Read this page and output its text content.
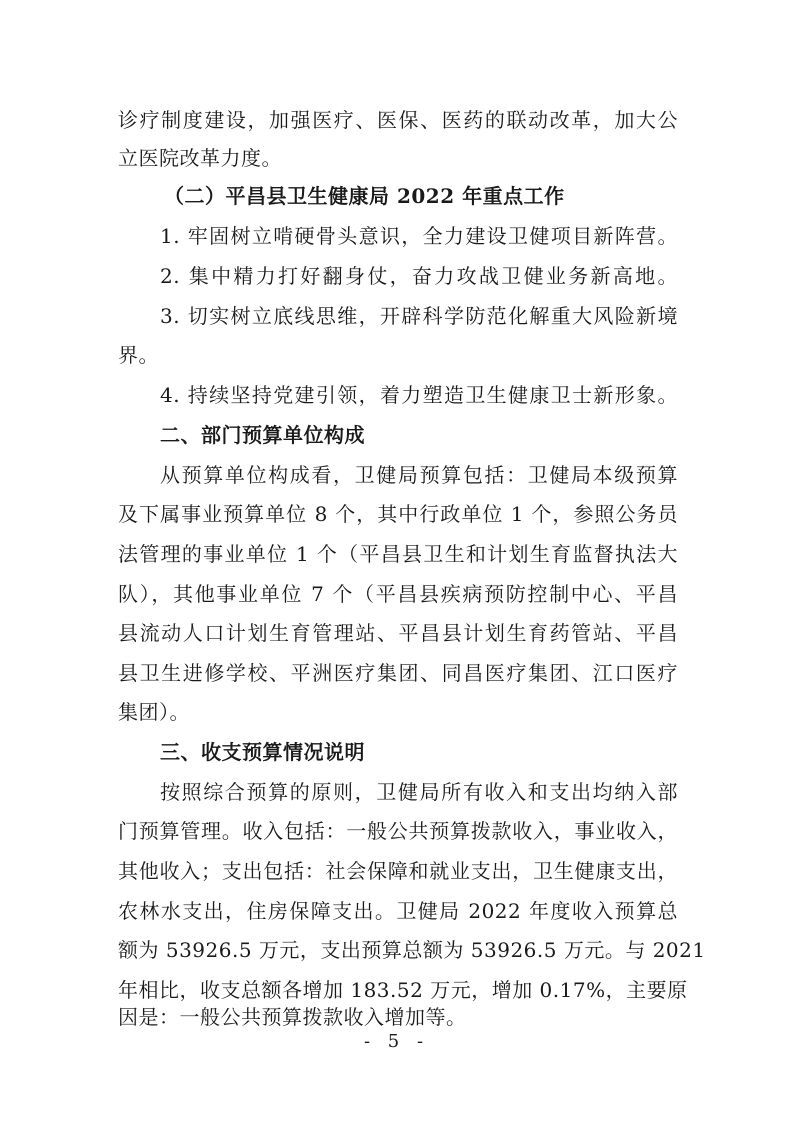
诊疗制度建设，加强医疗、医保、医药的联动改革，加大公
立医院改革力度。
（二）平昌县卫生健康局 2022 年重点工作
1. 牢固树立啃硬骨头意识，全力建设卫健项目新阵营。
2. 集中精力打好翻身仗，奋力攻战卫健业务新高地。
3. 切实树立底线思维，开辟科学防范化解重大风险新境
界。
4. 持续坚持党建引领，着力塑造卫生健康卫士新形象。
二、部门预算单位构成
从预算单位构成看，卫健局预算包括：卫健局本级预算
及下属事业预算单位 8 个，其中行政单位 1 个，参照公务员
法管理的事业单位 1 个（平昌县卫生和计划生育监督执法大
队），其他事业单位 7 个（平昌县疾病预防控制中心、平昌
县流动人口计划生育管理站、平昌县计划生育药管站、平昌
县卫生进修学校、平洲医疗集团、同昌医疗集团、江口医疗
集团）。
三、收支预算情况说明
按照综合预算的原则，卫健局所有收入和支出均纳入部
门预算管理。收入包括：一般公共预算拨款收入，事业收入，
其他收入；支出包括：社会保障和就业支出，卫生健康支出，
农林水支出，住房保障支出。卫健局 2022 年度收入预算总
额为 53926.5 万元，支出预算总额为 53926.5 万元。与 2021
年相比，收支总额各增加 183.52 万元，增加 0.17%，主要原
因是：一般公共预算拨款收入增加等。
- 5 -
